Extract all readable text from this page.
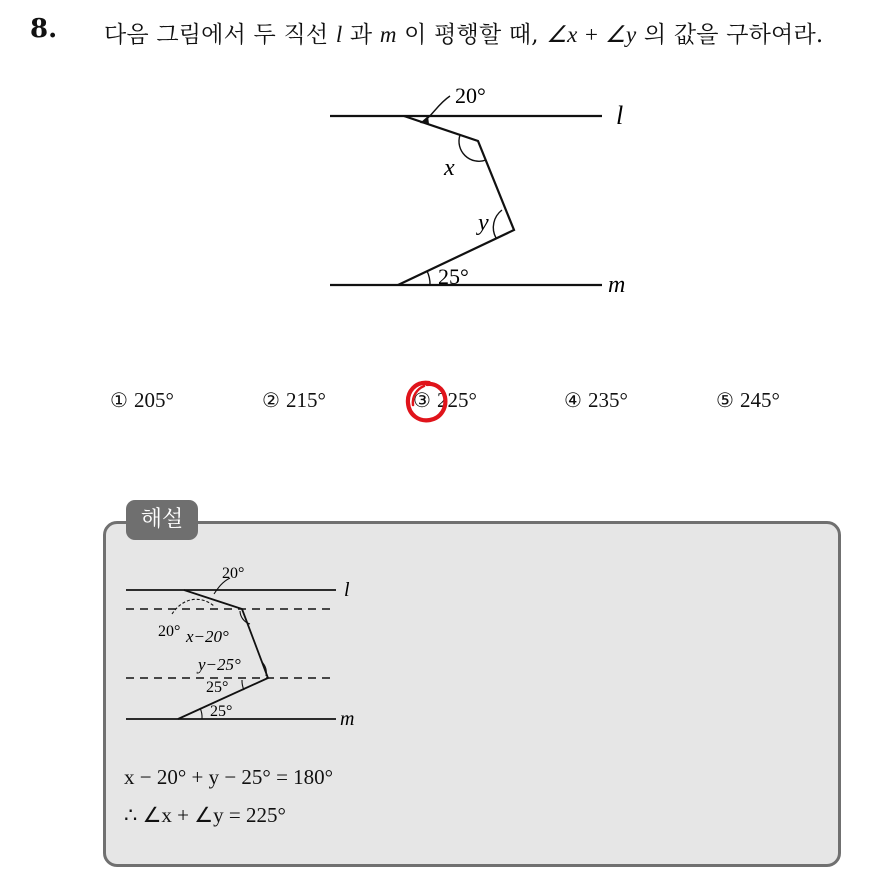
8. 다음 그림에서 두 직선 l 과 m 이 평행할 때, ∠x + ∠y 의 값을 구하여라.
20°
l
x
y
25°	m
① 205°	② 215°	③ 225°	④ 235°	⑤ 245°
해설
20°
l
20° x−20°
y−25°
25°
25°	m
x − 20° + y − 25° = 180°
∴ ∠x + ∠y = 225°
